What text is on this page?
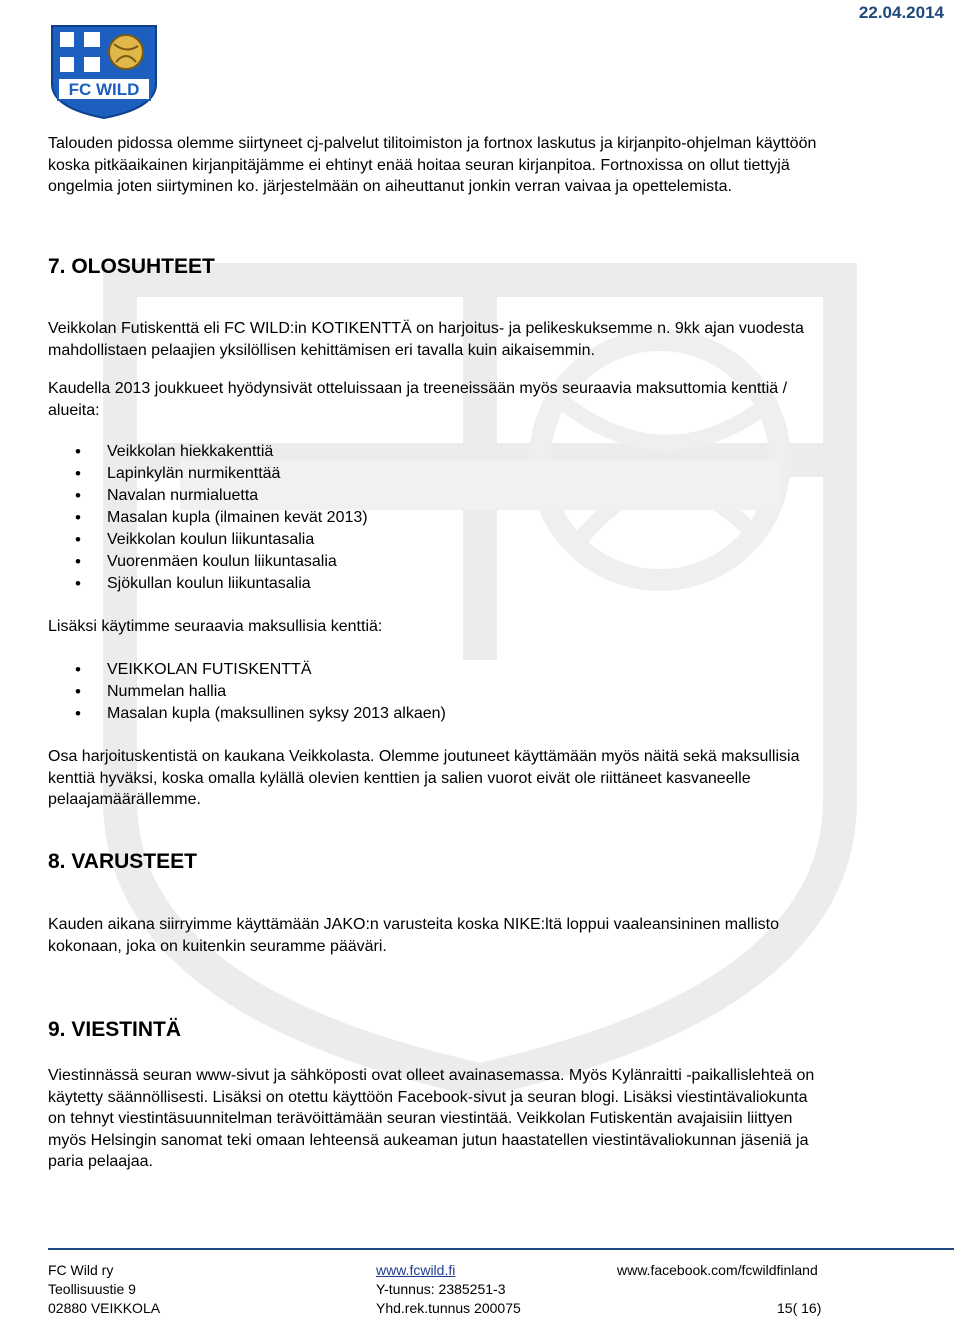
22.04.2014
FC WILD

Talouden pidossa olemme siirtyneet cj-palvelut tilitoimiston ja fortnox laskutus ja kirjanpito-ohjelman käyttöön
koska pitkäaikainen kirjanpitäjämme ei ehtinyt enää hoitaa seuran kirjanpitoa. Fortnoxissa on ollut tiettyjä
ongelmia joten siirtyminen ko. järjestelmään on aiheuttanut jonkin verran vaivaa ja opettelemista.

7. OLOSUHTEET

Veikkolan Futiskenttä eli FC WILD:in KOTIKENTTÄ on harjoitus- ja pelikeskuksemme n. 9kk ajan vuodesta
mahdollistaen pelaajien yksilöllisen kehittämisen eri tavalla kuin aikaisemmin.

Kaudella 2013 joukkueet hyödynsivät otteluissaan ja treeneissään myös seuraavia maksuttomia kenttiä /
alueita:

• Veikkolan hiekkakenttiä
• Lapinkylän nurmikenttää
• Navalan nurmialuetta
• Masalan kupla (ilmainen kevät 2013)
• Veikkolan koulun liikuntasalia
• Vuorenmäen koulun liikuntasalia
• Sjökullan koulun liikuntasalia

Lisäksi käytimme seuraavia maksullisia kenttiä:

• VEIKKOLAN FUTISKENTTÄ
• Nummelan hallia
• Masalan kupla (maksullinen syksy 2013 alkaen)

Osa harjoituskentistä on kaukana Veikkolasta. Olemme joutuneet käyttämään myös näitä sekä maksullisia
kenttiä hyväksi, koska omalla kylällä olevien kenttien ja salien vuorot eivät ole riittäneet kasvaneelle
pelaajamäärällemme.

8. VARUSTEET

Kauden aikana siirryimme käyttämään JAKO:n varusteita koska NIKE:ltä loppui vaaleansininen mallisto
kokonaan, joka on kuitenkin seuramme pääväri.

9. VIESTINTÄ

Viestinnässä seuran www-sivut ja sähköposti ovat olleet avainasemassa. Myös Kylänraitti -paikallislehteä on
käytetty säännöllisesti. Lisäksi on otettu käyttöön Facebook-sivut ja seuran blogi. Lisäksi viestintävaliokunta
on tehnyt viestintäsuunnitelman terävöittämään seuran viestintää. Veikkolan Futiskentän avajaisiin liittyen
myös Helsingin sanomat teki omaan lehteensä aukeaman jutun haastatellen viestintävaliokunnan jäseniä ja
paria pelaajaa.

FC Wild ry
Teollisuustie 9
02880 VEIKKOLA
www.fcwild.fi
Y-tunnus: 2385251-3
Yhd.rek.tunnus 200075
www.facebook.com/fcwildfinland

15( 16)
